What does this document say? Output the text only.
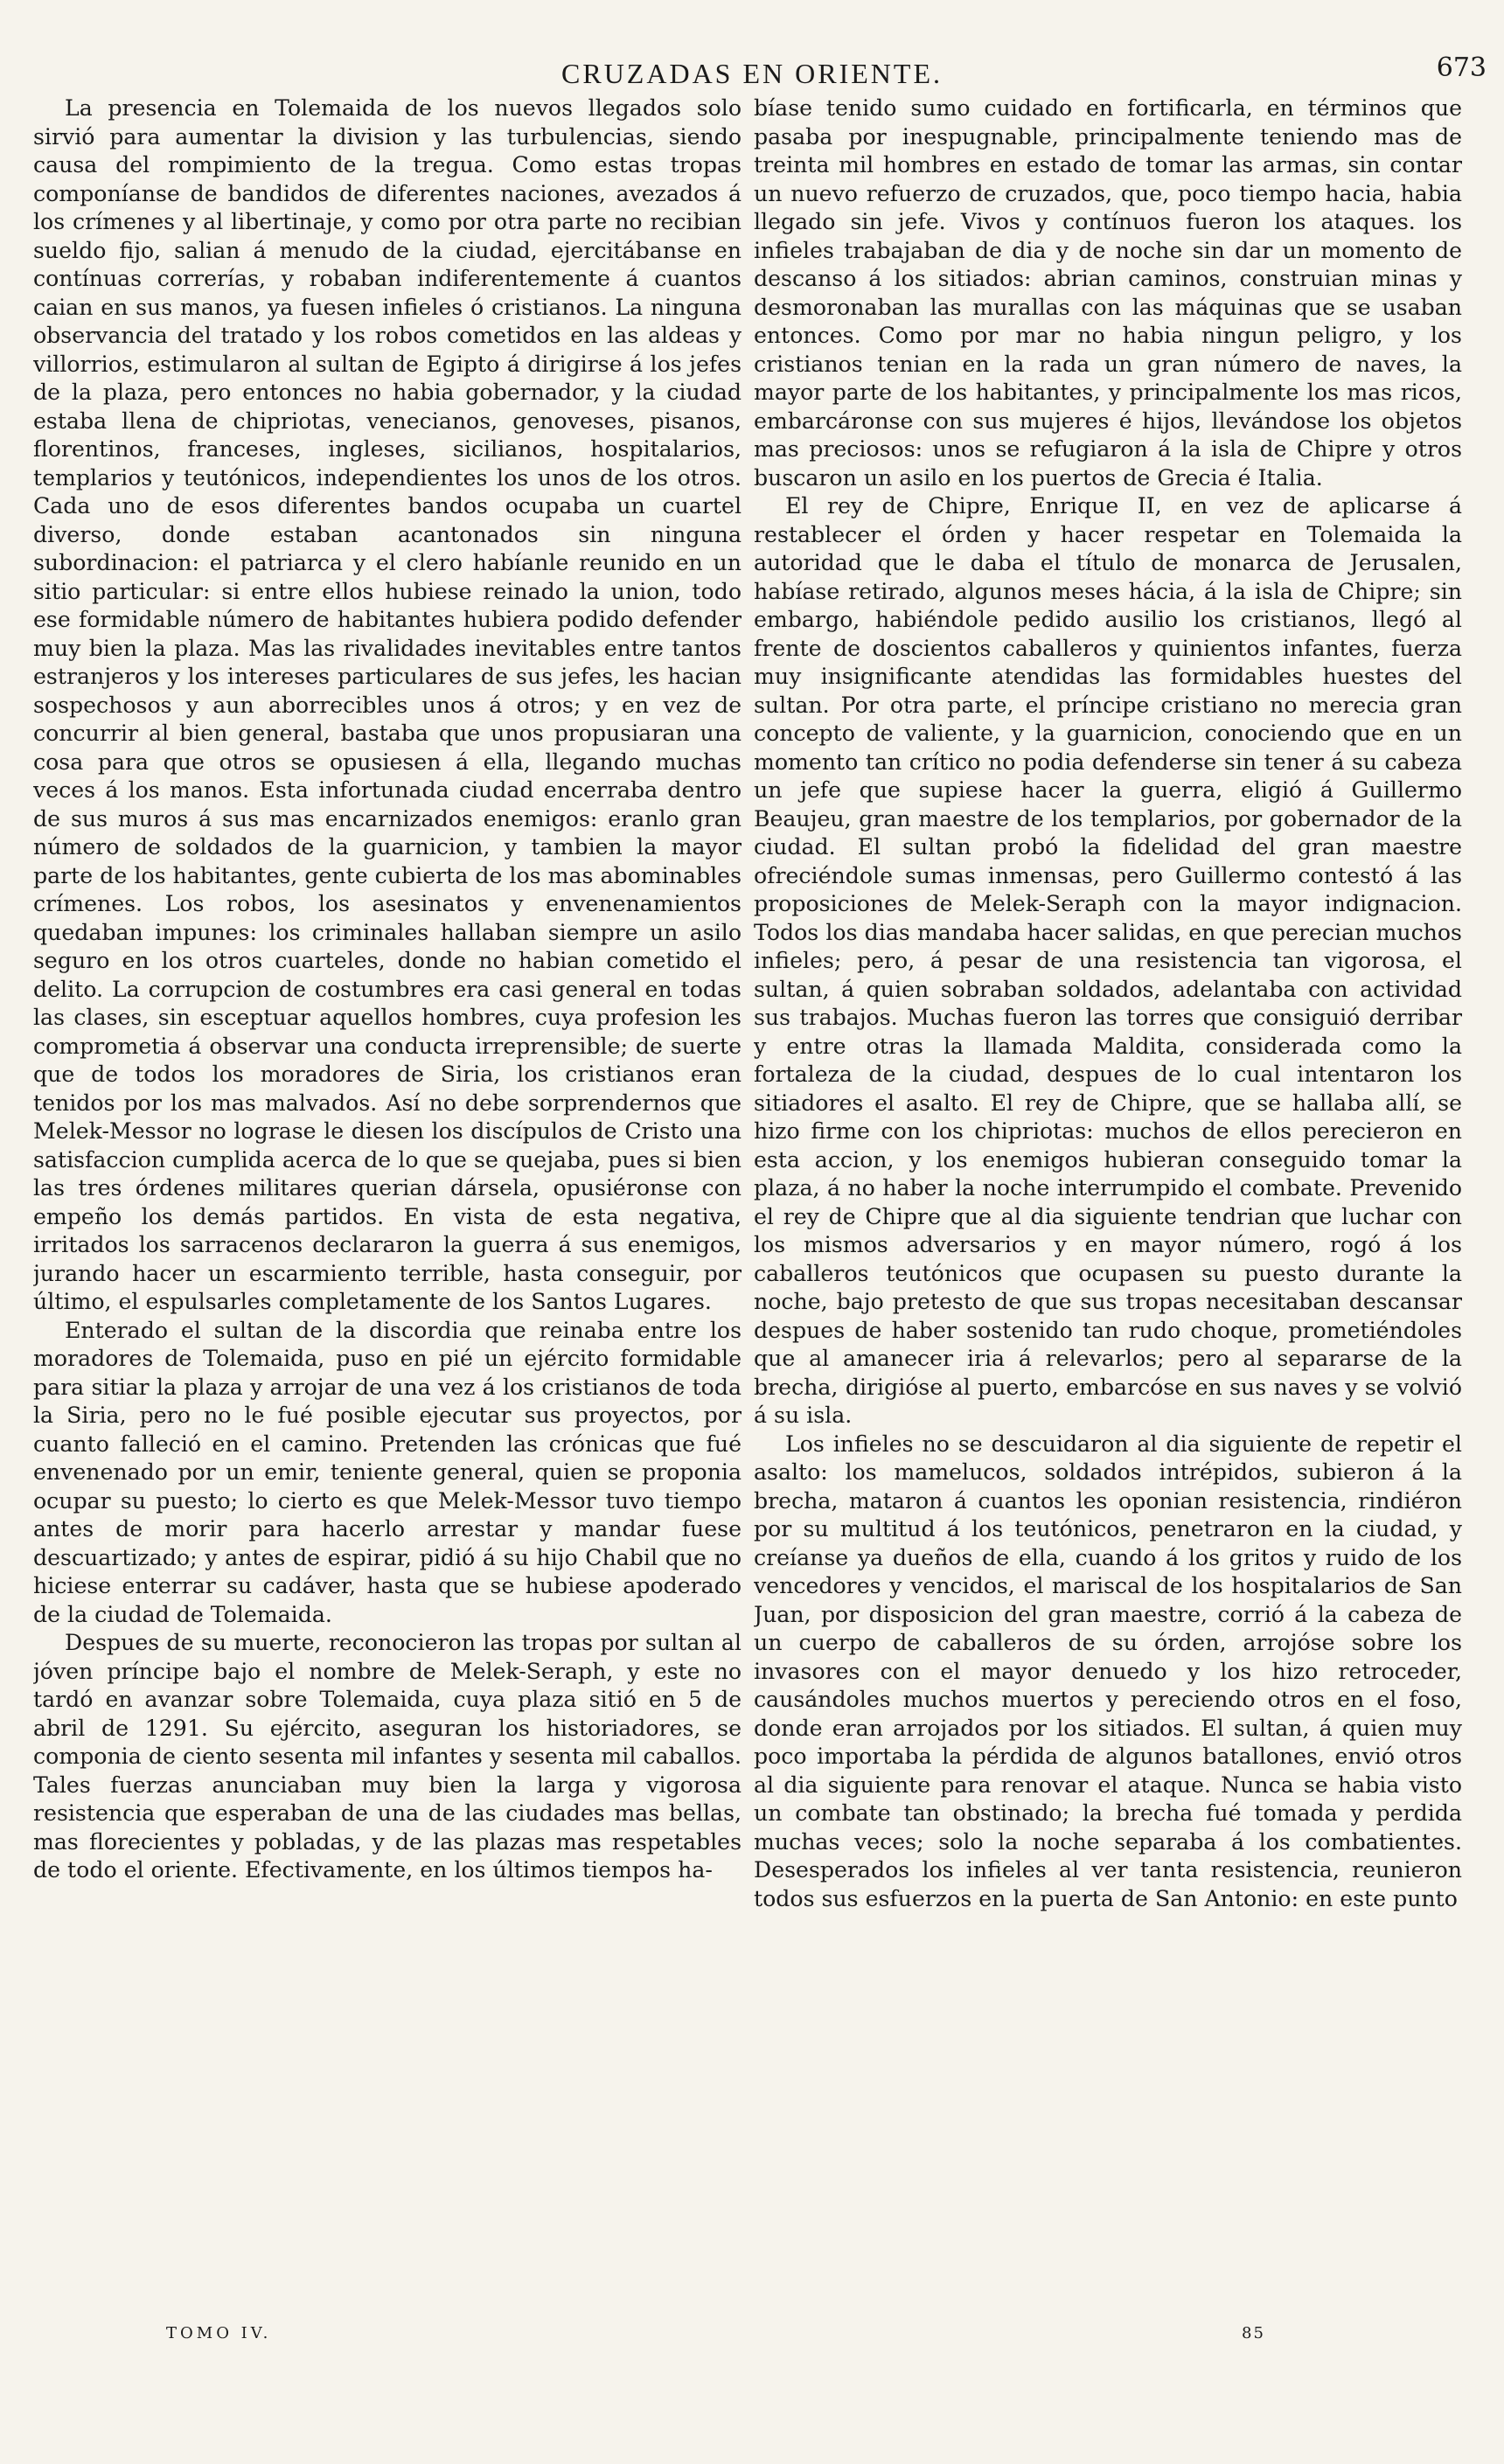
CRUZADAS EN ORIENTE.	673

La presencia en Tolemaida de los nuevos llegados solo sirvió para aumentar la division y las turbulencias, siendo causa del rompimiento de la tregua. Como estas tropas componíanse de bandidos de diferentes naciones, avezados á los crímenes y al libertinaje, y como por otra parte no recibian sueldo fijo, salian á menudo de la ciudad, ejercitábanse en contínuas correrías, y robaban indiferentemente á cuantos caian en sus manos, ya fuesen infieles ó cristianos. La ninguna observancia del tratado y los robos cometidos en las aldeas y villorrios, estimularon al sultan de Egipto á dirigirse á los jefes de la plaza, pero entonces no habia gobernador, y la ciudad estaba llena de chipriotas, venecianos, genoveses, pisanos, florentinos, franceses, ingleses, sicilianos, hospitalarios, templarios y teutónicos, independientes los unos de los otros. Cada uno de esos diferentes bandos ocupaba un cuartel diverso, donde estaban acantonados sin ninguna subordinacion: el patriarca y el clero habíanle reunido en un sitio particular: si entre ellos hubiese reinado la union, todo ese formidable número de habitantes hubiera podido defender muy bien la plaza. Mas las rivalidades inevitables entre tantos estranjeros y los intereses particulares de sus jefes, les hacian sospechosos y aun aborrecibles unos á otros; y en vez de concurrir al bien general, bastaba que unos propusiaran una cosa para que otros se opusiesen á ella, llegando muchas veces á los manos. Esta infortunada ciudad encerraba dentro de sus muros á sus mas encarnizados enemigos: eranlo gran número de soldados de la guarnicion, y tambien la mayor parte de los habitantes, gente cubierta de los mas abominables crímenes. Los robos, los asesinatos y envenenamientos quedaban impunes: los criminales hallaban siempre un asilo seguro en los otros cuarteles, donde no habian cometido el delito. La corrupcion de costumbres era casi general en todas las clases, sin esceptuar aquellos hombres, cuya profesion les comprometia á observar una conducta irreprensible; de suerte que de todos los moradores de Siria, los cristianos eran tenidos por los mas malvados. Así no debe sorprendernos que Melek-Messor no lograse le diesen los discípulos de Cristo una satisfaccion cumplida acerca de lo que se quejaba, pues si bien las tres órdenes militares querian dársela, opusiéronse con empeño los demás partidos. En vista de esta negativa, irritados los sarracenos declararon la guerra á sus enemigos, jurando hacer un escarmiento terrible, hasta conseguir, por último, el espulsarles completamente de los Santos Lugares.

Enterado el sultan de la discordia que reinaba entre los moradores de Tolemaida, puso en pié un ejército formidable para sitiar la plaza y arrojar de una vez á los cristianos de toda la Siria, pero no le fué posible ejecutar sus proyectos, por cuanto falleció en el camino. Pretenden las crónicas que fué envenenado por un emir, teniente general, quien se proponia ocupar su puesto; lo cierto es que Melek-Messor tuvo tiempo antes de morir para hacerlo arrestar y mandar fuese descuartizado; y antes de espirar, pidió á su hijo Chabil que no hiciese enterrar su cadáver, hasta que se hubiese apoderado de la ciudad de Tolemaida.

Despues de su muerte, reconocieron las tropas por sultan al jóven príncipe bajo el nombre de Melek-Seraph, y este no tardó en avanzar sobre Tolemaida, cuya plaza sitió en 5 de abril de 1291. Su ejército, aseguran los historiadores, se componia de ciento sesenta mil infantes y sesenta mil caballos. Tales fuerzas anunciaban muy bien la larga y vigorosa resistencia que esperaban de una de las ciudades mas bellas, mas florecientes y pobladas, y de las plazas mas respetables de todo el oriente. Efectivamente, en los últimos tiempos ha-

bíase tenido sumo cuidado en fortificarla, en términos que pasaba por inespugnable, principalmente teniendo mas de treinta mil hombres en estado de tomar las armas, sin contar un nuevo refuerzo de cruzados, que, poco tiempo hacia, habia llegado sin jefe. Vivos y contínuos fueron los ataques. los infieles trabajaban de dia y de noche sin dar un momento de descanso á los sitiados: abrian caminos, construian minas y desmoronaban las murallas con las máquinas que se usaban entonces. Como por mar no habia ningun peligro, y los cristianos tenian en la rada un gran número de naves, la mayor parte de los habitantes, y principalmente los mas ricos, embarcáronse con sus mujeres é hijos, llevándose los objetos mas preciosos: unos se refugiaron á la isla de Chipre y otros buscaron un asilo en los puertos de Grecia é Italia.

El rey de Chipre, Enrique II, en vez de aplicarse á restablecer el órden y hacer respetar en Tolemaida la autoridad que le daba el título de monarca de Jerusalen, habíase retirado, algunos meses hácia, á la isla de Chipre; sin embargo, habiéndole pedido ausilio los cristianos, llegó al frente de doscientos caballeros y quinientos infantes, fuerza muy insignificante atendidas las formidables huestes del sultan. Por otra parte, el príncipe cristiano no merecia gran concepto de valiente, y la guarnicion, conociendo que en un momento tan crítico no podia defenderse sin tener á su cabeza un jefe que supiese hacer la guerra, eligió á Guillermo Beaujeu, gran maestre de los templarios, por gobernador de la ciudad. El sultan probó la fidelidad del gran maestre ofreciéndole sumas inmensas, pero Guillermo contestó á las proposiciones de Melek-Seraph con la mayor indignacion. Todos los dias mandaba hacer salidas, en que perecian muchos infieles; pero, á pesar de una resistencia tan vigorosa, el sultan, á quien sobraban soldados, adelantaba con actividad sus trabajos. Muchas fueron las torres que consiguió derribar y entre otras la llamada Maldita, considerada como la fortaleza de la ciudad, despues de lo cual intentaron los sitiadores el asalto. El rey de Chipre, que se hallaba allí, se hizo firme con los chipriotas: muchos de ellos perecieron en esta accion, y los enemigos hubieran conseguido tomar la plaza, á no haber la noche interrumpido el combate. Prevenido el rey de Chipre que al dia siguiente tendrian que luchar con los mismos adversarios y en mayor número, rogó á los caballeros teutónicos que ocupasen su puesto durante la noche, bajo pretesto de que sus tropas necesitaban descansar despues de haber sostenido tan rudo choque, prometiéndoles que al amanecer iria á relevarlos; pero al separarse de la brecha, dirigióse al puerto, embarcóse en sus naves y se volvió á su isla.

Los infieles no se descuidaron al dia siguiente de repetir el asalto: los mamelucos, soldados intrépidos, subieron á la brecha, mataron á cuantos les oponian resistencia, rindiéron por su multitud á los teutónicos, penetraron en la ciudad, y creíanse ya dueños de ella, cuando á los gritos y ruido de los vencedores y vencidos, el mariscal de los hospitalarios de San Juan, por disposicion del gran maestre, corrió á la cabeza de un cuerpo de caballeros de su órden, arrojóse sobre los invasores con el mayor denuedo y los hizo retroceder, causándoles muchos muertos y pereciendo otros en el foso, donde eran arrojados por los sitiados. El sultan, á quien muy poco importaba la pérdida de algunos batallones, envió otros al dia siguiente para renovar el ataque. Nunca se habia visto un combate tan obstinado; la brecha fué tomada y perdida muchas veces; solo la noche separaba á los combatientes. Desesperados los infieles al ver tanta resistencia, reunieron todos sus esfuerzos en la puerta de San Antonio: en este punto

TOMO IV.	85
